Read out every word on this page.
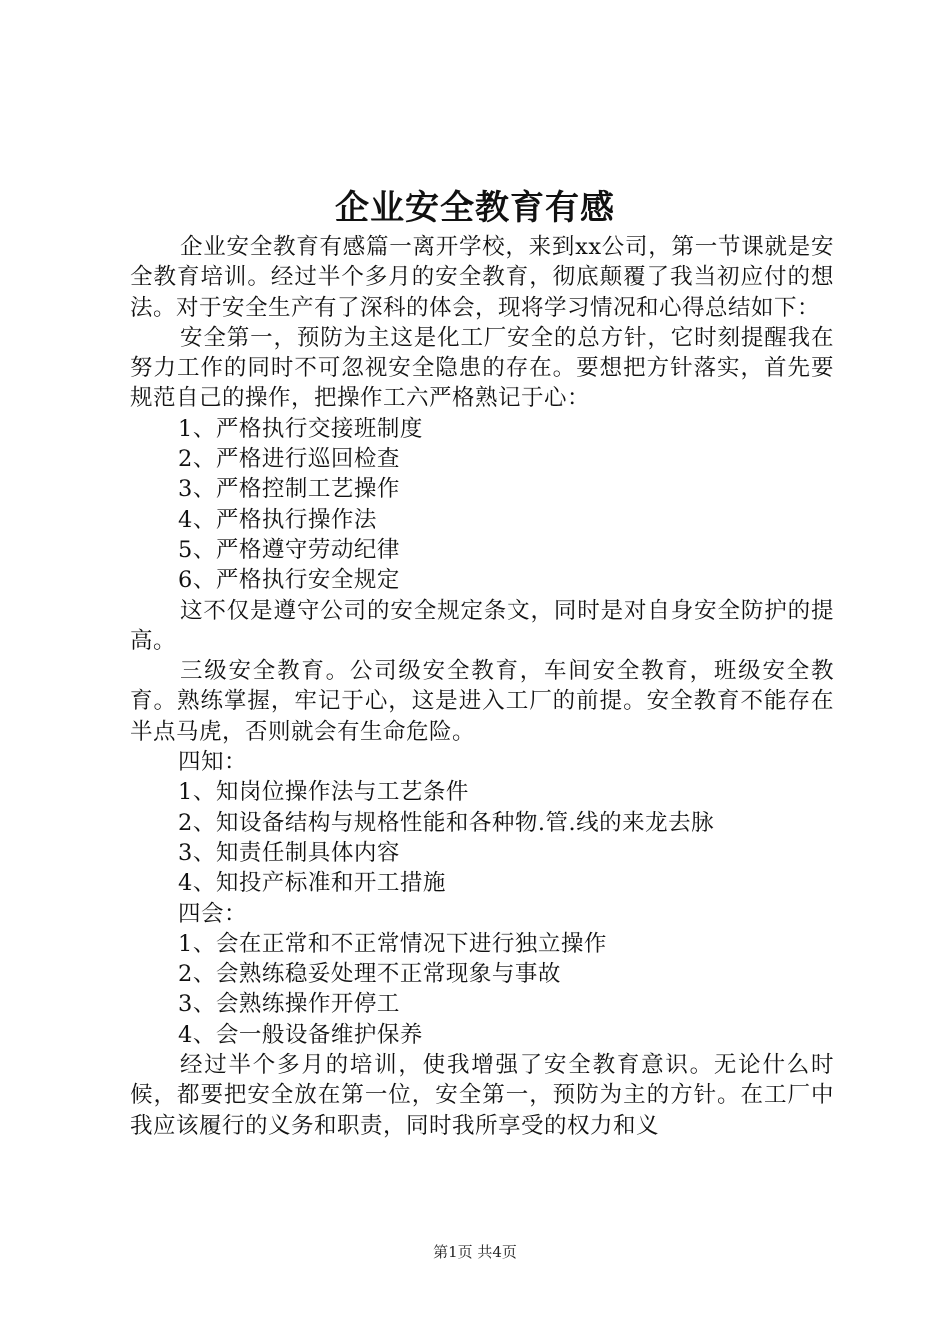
企业安全教育有感

企业安全教育有感篇一离开学校，来到xx公司，第一节课就是安全教育培训。经过半个多月的安全教育，彻底颠覆了我当初应付的想法。对于安全生产有了深科的体会，现将学习情况和心得总结如下：

安全第一，预防为主这是化工厂安全的总方针，它时刻提醒我在努力工作的同时不可忽视安全隐患的存在。要想把方针落实，首先要规范自己的操作，把操作工六严格熟记于心：

1、严格执行交接班制度

2、严格进行巡回检查

3、严格控制工艺操作

4、严格执行操作法

5、严格遵守劳动纪律

6、严格执行安全规定

这不仅是遵守公司的安全规定条文，同时是对自身安全防护的提高。

三级安全教育。公司级安全教育，车间安全教育，班级安全教育。熟练掌握，牢记于心，这是进入工厂的前提。安全教育不能存在半点马虎，否则就会有生命危险。

四知：

1、知岗位操作法与工艺条件

2、知设备结构与规格性能和各种物.管.线的来龙去脉

3、知责任制具体内容

4、知投产标准和开工措施

四会：

1、会在正常和不正常情况下进行独立操作

2、会熟练稳妥处理不正常现象与事故

3、会熟练操作开停工

4、会一般设备维护保养

经过半个多月的培训，使我增强了安全教育意识。无论什么时候，都要把安全放在第一位，安全第一，预防为主的方针。在工厂中我应该履行的义务和职责，同时我所享受的权力和义

第1页 共4页
